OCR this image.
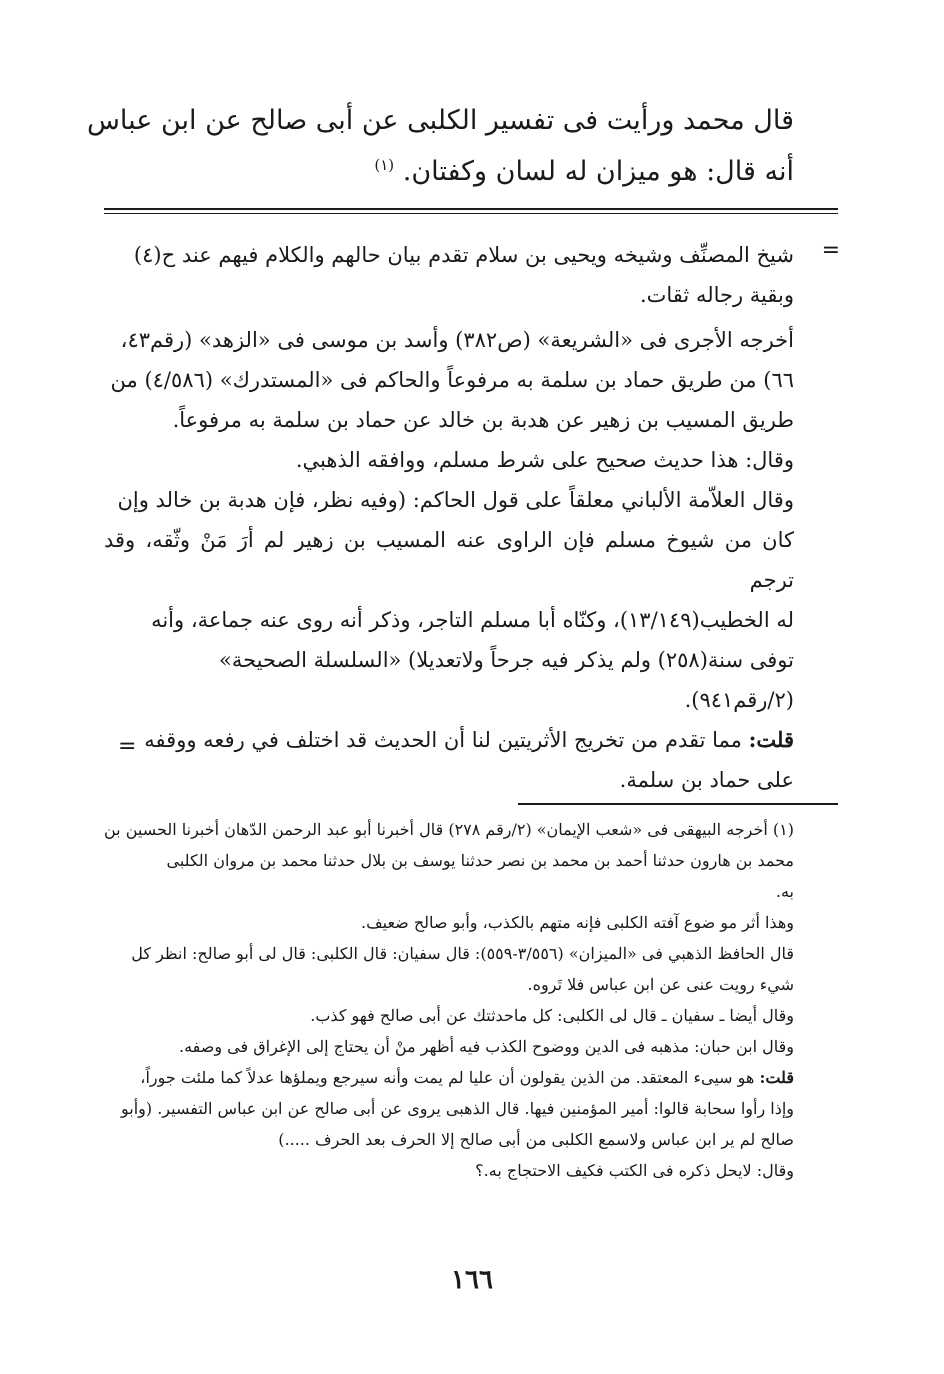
قال محمد ورأيت فى تفسير الكلبى عن أبى صالح عن ابن عباس
أنه قال: هو ميزان له لسان وكفتان. $^{(١)}$
=

شيخ المصنِّف وشيخه ويحيى بن سلام تقدم بيان حالهم والكلام فيهم عند ح(٤)
وبقية رجاله ثقات.

أخرجه الأجرى فى «الشريعة» (ص٣٨٢) وأسد بن موسى فى «الزهد» (رقم٤٣،
٦٦) من طريق حماد بن سلمة به مرفوعاً والحاكم فى «المستدرك» (٤/٥٨٦) من
طريق المسيب بن زهير عن هدبة بن خالد عن حماد بن سلمة به مرفوعاً.

وقال: هذا حديث صحيح على شرط مسلم، ووافقه الذهبي.

وقال العلاّمة الألباني معلقاً على قول الحاكم: (وفيه نظر، فإن هدبة بن خالد وإن
كان من شيوخ مسلم فإن الراوى عنه المسيب بن زهير لم أرَ مَنْ وثّقه، وقد ترجم
له الخطيب(١٣/١٤٩)، وكنّاه أبا مسلم التاجر، وذكر أنه روى عنه جماعة، وأنه
توفى سنة(٢٥٨) ولم يذكر فيه جرحاً ولاتعديلا) «السلسلة الصحيحة»
(٢/رقم٩٤١).

قلت: مما تقدم من تخريج الأثريتين لنا أن الحديث قد اختلف في رفعه ووقفه
على حماد بن سلمة.

=

(١) أخرجه البيهقى فى «شعب الإيمان» (٢/رقم ٢٧٨) قال أخبرنا أبو عبد الرحمن الدّهان أخبرنا الحسين بن

محمد بن هارون حدثنا أحمد بن محمد بن نصر حدثنا يوسف بن بلال حدثنا محمد بن مروان الكلبى

به.

وهذا أثر مو ضوع آفته الكلبى فإنه متهم بالكذب، وأبو صالح ضعيف.

قال الحافظ الذهبي فى «الميزان» (٣/٥٥٦-٥٥٩): قال سفيان: قال الكلبى: قال لى أبو صالح: انظر كل

شيء رويت عنى عن ابن عباس فلا تَروه.

وقال أيضا ـ سفيان ـ قال لى الكلبى: كل ماحدثتك عن أبى صالح فهو كذب.

وقال ابن حبان: مذهبه فى الدين ووضوح الكذب فيه أظهر منْ أن يحتاج إلى الإغراق فى وصفه.

قلت: هو سيىء المعتقد. من الذين يقولون أن عليا لم يمت وأنه سيرجع ويملؤها عدلاً كما ملئت جوراً،

وإذا رأوا سحابة قالوا: أمير المؤمنين فيها. قال الذهبى يروى عن أبى صالح عن ابن عباس التفسير. (وأبو

صالح لم ير ابن عباس ولاسمع الكلبى من أبى صالح إلا الحرف بعد الحرف .....)

وقال: لايحل ذكره فى الكتب فكيف الاحتجاج به.؟

١٦٦
